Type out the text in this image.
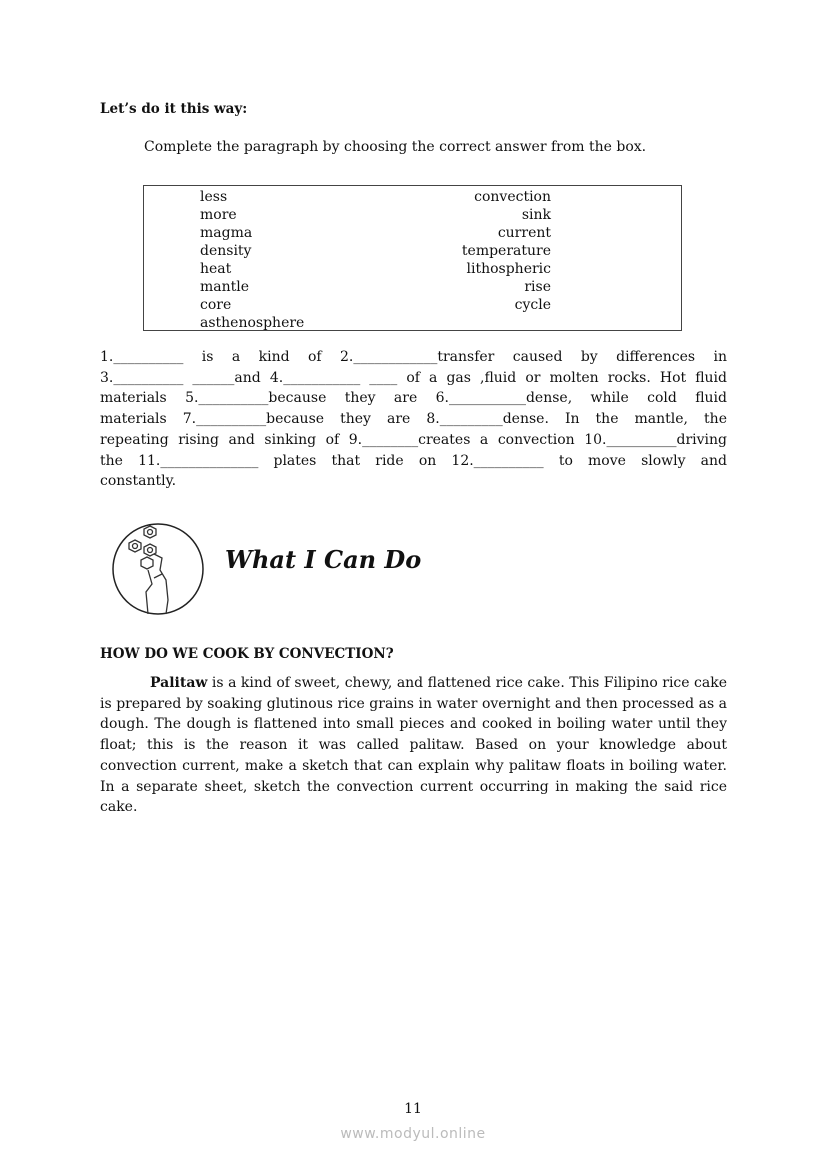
Let’s do it this way:
Complete the paragraph by choosing the correct answer from the box.
less
more
magma
density
heat
mantle
core
asthenosphere
convection
sink
current
temperature
lithospheric
rise
cycle

1.__________ is a kind of 2.____________transfer caused by differences in

3.__________ ______and 4.___________ ____ of a gas ,fluid or molten rocks. Hot fluid

materials 5.__________because they are 6.___________dense, while cold fluid

materials 7.__________because they are 8._________dense. In the mantle, the

repeating rising and sinking of 9.________creates a convection 10.__________driving

the 11.______________ plates that ride on 12.__________ to move slowly and

constantly.

What I Can Do
HOW DO WE COOK BY CONVECTION?
Palitaw is a kind of sweet, chewy, and flattened rice cake. This Filipino rice cake is prepared by soaking glutinous rice grains in water overnight and then processed as a dough. The dough is flattened into small pieces and cooked in boiling water until they float; this is the reason it was called palitaw. Based on your knowledge about convection current, make a sketch that can explain why palitaw floats in boiling water. In a separate sheet, sketch the convection current occurring in making the said rice cake.
11
www.modyul.online
